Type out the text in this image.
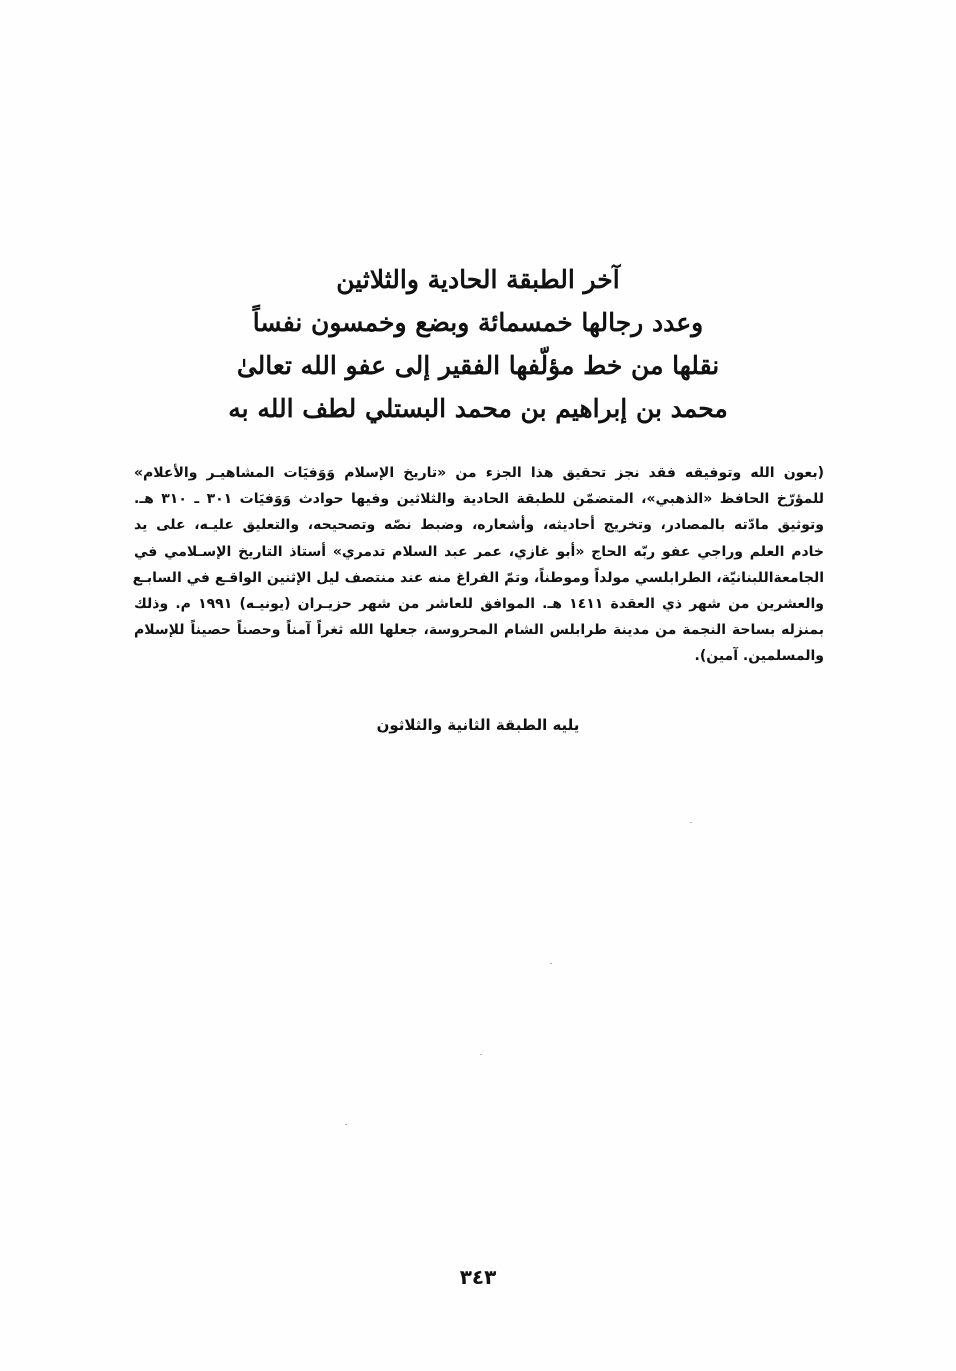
آخر الطبقة الحادية والثلاثين
وعدد رجالها خمسمائة وبضع وخمسون نفساً
نقلها من خط مؤلّفها الفقير إلى عفو الله تعالىٰ
محمد بن إبراهيم بن محمد البستلي لطف الله به
(بعون الله وتوفيقه فقد نجز تحقيق هذا الجزء من «تاريخ الإسلام وَوَفيَات المشاهيـر والأعلام»
للمؤرّخ الحافظ «الذهبي»، المتضمّن للطبقة الحادية والثلاثين وفيها حوادث وَوَفيَات ٣٠١ ـ ٣١٠ هـ.
وتوثيق مادّته بالمصادر، وتخريج أحاديثه، وأشعاره، وضبط نصّه وتصحيحه، والتعليق عليـه، على يد
خادم العلم وراجي عفو ربّه الحاج «أبو غازي، عمر عبد السلام تدمري» أستاذ التاريخ الإسـلامي في
الجامعةاللبنانيّة، الطرابلسي مولداً وموطناً، وتمّ الفراغ منه عند منتصف ليل الإثنين الواقـع في السابـع
والعشرين من شهر ذي العقدة ١٤١١ هـ. الموافق للعاشر من شهر حزيـران (يونيـه) ١٩٩١ م. وذلك
بمنزله بساحة النجمة من مدينة طرابلس الشام المحروسة، جعلها الله ثغراً آمناً وحصناً حصيناً للإسلام
والمسلمين. آمين).
يليه الطبقة الثانية والثلاثون
٣٤٣
